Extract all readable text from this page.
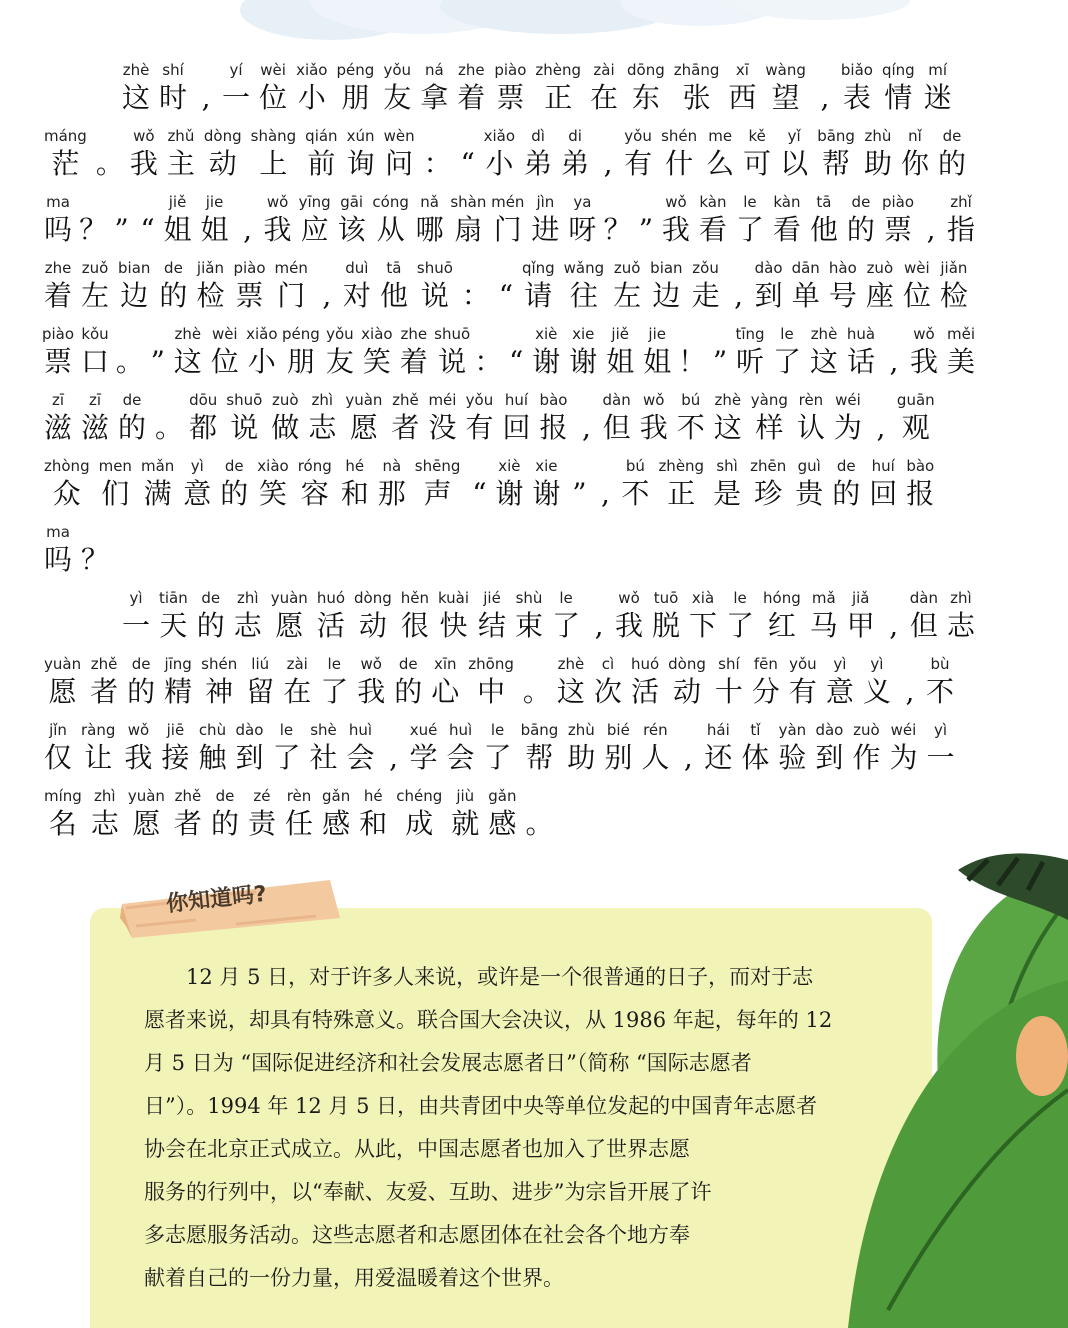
zhè
这
shí
时 ,
yí
一
wèi
位
xiǎo
小
péng
朋
yǒu
友
ná
拿
zhe
着
piào
票
zhèng
正
zài
在
dōng
东
zhāng
张
xī
西
wàng
望 ,
biǎo
表
qíng
情
mí
迷
máng
茫 。
wǒ
我
zhǔ
主
dòng
动
shàng
上
qián
前
xún
询
wèn
问 ： “
xiǎo
小
dì
弟
di
弟 ,
yǒu
有
shén
什
me
么
kě
可
yǐ
以
bāng
帮
zhù
助
nǐ
你
de
的
ma
吗 ？ ” “
jiě
姐
jie
姐 ,
wǒ
我
yīng
应
gāi
该
cóng
从
nǎ
哪
shàn
扇
mén
门
jìn
进
ya
呀 ？ ”
wǒ
我
kàn
看
le
了
kàn
看
tā
他
de
的
piào
票 ,
zhǐ
指
zhe
着
zuǒ
左
bian
边
de
的
jiǎn
检
piào
票
mén
门 ,
duì
对
tā
他
shuō
说 ： “
qǐng
请
wǎng
往
zuǒ
左
bian
边
zǒu
走 ,
dào
到
dān
单
hào
号
zuò
座
wèi
位
jiǎn
检
piào
票
kǒu
口 。 ”
zhè
这
wèi
位
xiǎo
小
péng
朋
yǒu
友
xiào
笑
zhe
着
shuō
说 ： “
xiè
谢
xie
谢
jiě
姐
jie
姐 ！ ”
tīng
听
le
了
zhè
这
huà
话 ,
wǒ
我
měi
美
zī
滋
zī
滋
de
的 。
dōu
都
shuō
说
zuò
做
zhì
志
yuàn
愿
zhě
者
méi
没
yǒu
有
huí
回
bào
报 ,
dàn
但
wǒ
我
bú
不
zhè
这
yàng
样
rèn
认
wéi
为 ,
guān
观
zhòng
众
men
们
mǎn
满
yì
意
de
的
xiào
笑
róng
容
hé
和
nà
那
shēng
声 “
xiè
谢
xie
谢 ” ,
bú
不
zhèng
正
shì
是
zhēn
珍
guì
贵
de
的
huí
回
bào
报
ma
吗 ？
yì
一
tiān
天
de
的
zhì
志
yuàn
愿
huó
活
dòng
动
hěn
很
kuài
快
jié
结
shù
束
le
了 ,
wǒ
我
tuō
脱
xià
下
le
了
hóng
红
mǎ
马
jiǎ
甲 ,
dàn
但
zhì
志
yuàn
愿
zhě
者
de
的
jīng
精
shén
神
liú
留
zài
在
le
了
wǒ
我
de
的
xīn
心
zhōng
中 。
zhè
这
cì
次
huó
活
dòng
动
shí
十
fēn
分
yǒu
有
yì
意
yì
义 ,
bù
不
jǐn
仅
ràng
让
wǒ
我
jiē
接
chù
触
dào
到
le
了
shè
社
huì
会 ,
xué
学
huì
会
le
了
bāng
帮
zhù
助
bié
别
rén
人 ,
hái
还
tǐ
体
yàn
验
dào
到
zuò
作
wéi
为
yì
一
míng
名
zhì
志
yuàn
愿
zhě
者
de
的
zé
责
rèn
任
gǎn
感
hé
和
chéng
成
jiù
就
gǎn
感 。
12 月 5 日，对于许多人来说，或许是一个很普通的日子，而对于志
愿者来说，却具有特殊意义。联合国大会决议，从 1986 年起，每年的 12
月 5 日为 “国际促进经济和社会发展志愿者日”（简称 “国际志愿者
日”）。1994 年 12 月 5 日，由共青团中央等单位发起的中国青年志愿者
协会在北京正式成立。从此，中国志愿者也加入了世界志愿
服务的行列中，以“奉献、友爱、互助、进步”为宗旨开展了许
多志愿服务活动。这些志愿者和志愿团体在社会各个地方奉
献着自己的一份力量，用爱温暖着这个世界。
你知道吗?
